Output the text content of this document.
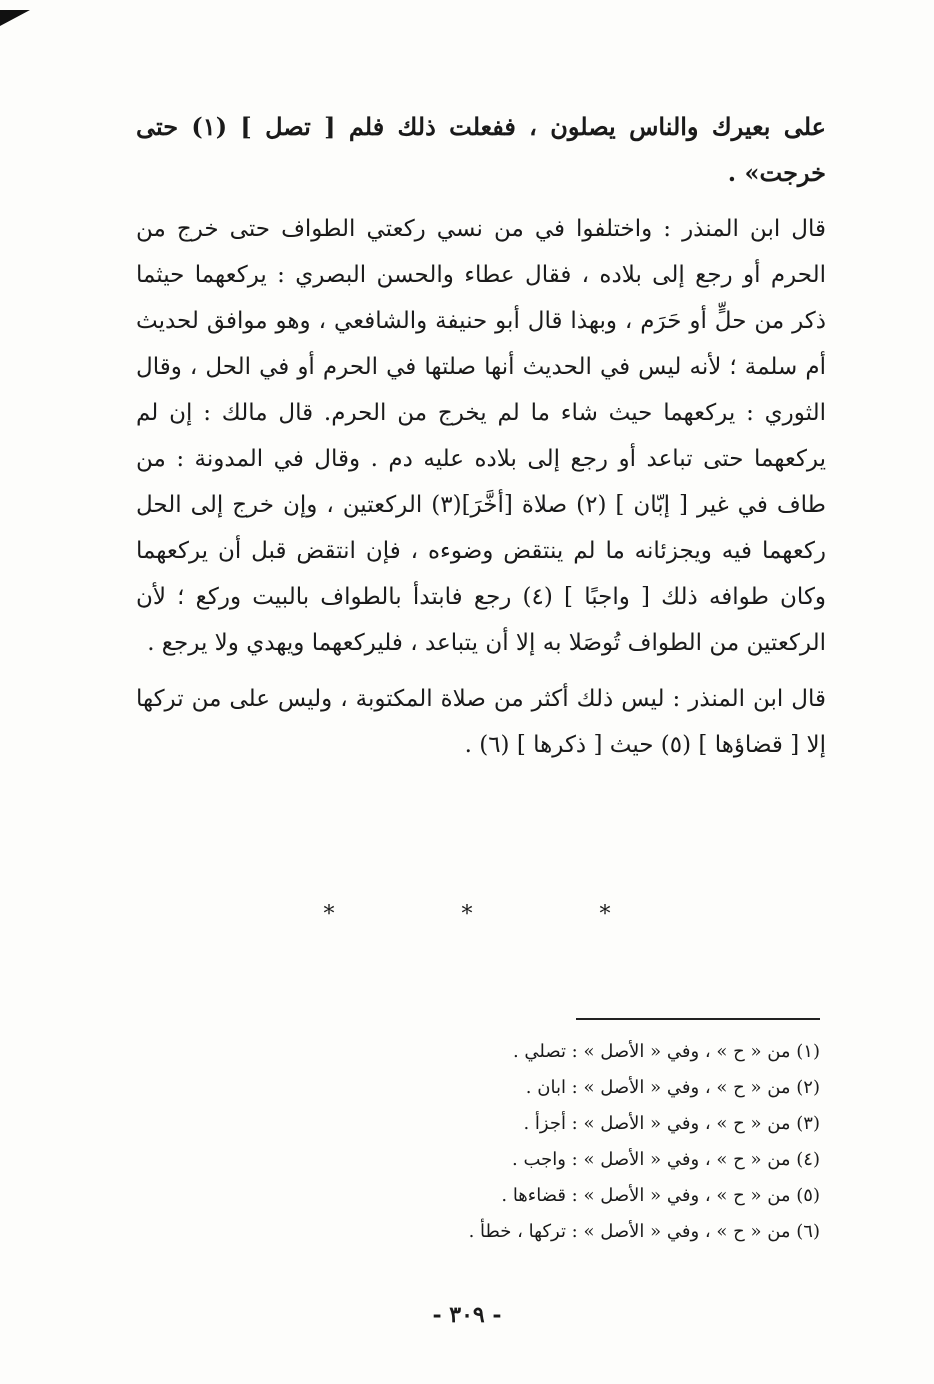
على بعيرك والناس يصلون ، ففعلت ذلك فلم [ تصل ] (١) حتى خرجت» .

قال ابن المنذر : واختلفوا في من نسي ركعتي الطواف حتى خرج من الحرم أو رجع إلى بلاده ، فقال عطاء والحسن البصري : يركعهما حيثما ذكر من حلٍّ أو حَرَم ، وبهذا قال أبو حنيفة والشافعي ، وهو موافق لحديث أم سلمة ؛ لأنه ليس في الحديث أنها صلتها في الحرم أو في الحل ، وقال الثوري : يركعهما حيث شاء ما لم يخرج من الحرم. قال مالك : إن لم يركعهما حتى تباعد أو رجع إلى بلاده عليه دم . وقال في المدونة : من طاف في غير [ إبّان ] (٢) صلاة [أخَّرَ](٣) الركعتين ، وإن خرج إلى الحل ركعهما فيه ويجزئانه ما لم ينتقض وضوءه ، فإن انتقض قبل أن يركعهما وكان طوافه ذلك [ واجبًا ] (٤) رجع فابتدأ بالطواف بالبيت وركع ؛ لأن الركعتين من الطواف تُوصَلا به إلا أن يتباعد ، فليركعهما ويهدي ولا يرجع .

قال ابن المنذر : ليس ذلك أكثر من صلاة المكتوبة ، وليس على من تركها إلا [ قضاؤها ] (٥) حيث [ ذكرها ] (٦) .

* * *

(١) من « ح » ، وفي « الأصل » : تصلي .

(٢) من « ح » ، وفي « الأصل » : ابان .

(٣) من « ح » ، وفي « الأصل » : أجزأ .

(٤) من « ح » ، وفي « الأصل » : واجب .

(٥) من « ح » ، وفي « الأصل » : قضاءها .

(٦) من « ح » ، وفي « الأصل » : تركها ، خطأ .

- ٣٠٩ -
